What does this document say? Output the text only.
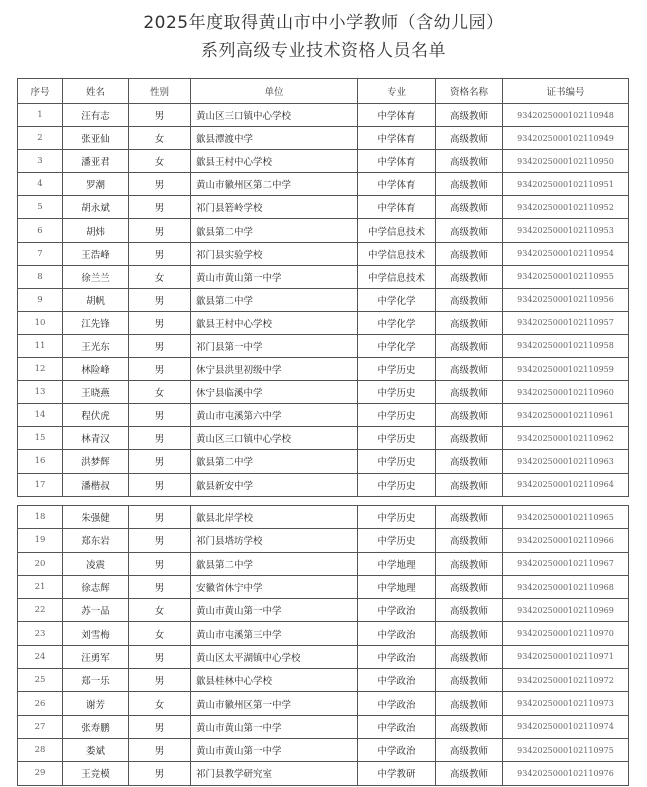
2025年度取得黄山市中小学教师（含幼儿园）
系列高级专业技术资格人员名单
序号	姓名	性别	单位	专业	资格名称	证书编号
1	汪有志	男	黄山区三口镇中心学校	中学体育	高级教师	9342025000102110948
2	张亚仙	女	歙县潭渡中学	中学体育	高级教师	9342025000102110949
3	潘亚君	女	歙县王村中心学校	中学体育	高级教师	9342025000102110950
4	罗潮	男	黄山市徽州区第二中学	中学体育	高级教师	9342025000102110951
5	胡永斌	男	祁门县箬岭学校	中学体育	高级教师	9342025000102110952
6	胡炜	男	歙县第二中学	中学信息技术	高级教师	9342025000102110953
7	王浩峰	男	祁门县实验学校	中学信息技术	高级教师	9342025000102110954
8	徐兰兰	女	黄山市黄山第一中学	中学信息技术	高级教师	9342025000102110955
9	胡帆	男	歙县第二中学	中学化学	高级教师	9342025000102110956
10	江先锋	男	歙县王村中心学校	中学化学	高级教师	9342025000102110957
11	王光东	男	祁门县第一中学	中学化学	高级教师	9342025000102110958
12	林险峰	男	休宁县洪里初级中学	中学历史	高级教师	9342025000102110959
13	王晓燕	女	休宁县临溪中学	中学历史	高级教师	9342025000102110960
14	程伏虎	男	黄山市屯溪第六中学	中学历史	高级教师	9342025000102110961
15	林青汉	男	黄山区三口镇中心学校	中学历史	高级教师	9342025000102110962
16	洪梦辉	男	歙县第二中学	中学历史	高级教师	9342025000102110963
17	潘楷叔	男	歙县新安中学	中学历史	高级教师	9342025000102110964
18	朱强健	男	歙县北岸学校	中学历史	高级教师	9342025000102110965
19	郑东岩	男	祁门县塔坊学校	中学历史	高级教师	9342025000102110966
20	凌震	男	歙县第二中学	中学地理	高级教师	9342025000102110967
21	徐志辉	男	安徽省休宁中学	中学地理	高级教师	9342025000102110968
22	苏一品	女	黄山市黄山第一中学	中学政治	高级教师	9342025000102110969
23	刘雪梅	女	黄山市屯溪第三中学	中学政治	高级教师	9342025000102110970
24	汪勇军	男	黄山区太平湖镇中心学校	中学政治	高级教师	9342025000102110971
25	郑一乐	男	歙县桂林中心学校	中学政治	高级教师	9342025000102110972
26	谢芳	女	黄山市徽州区第一中学	中学政治	高级教师	9342025000102110973
27	张寿鹏	男	黄山市黄山第一中学	中学政治	高级教师	9342025000102110974
28	娄斌	男	黄山市黄山第一中学	中学政治	高级教师	9342025000102110975
29	王竞模	男	祁门县教学研究室	中学教研	高级教师	9342025000102110976
